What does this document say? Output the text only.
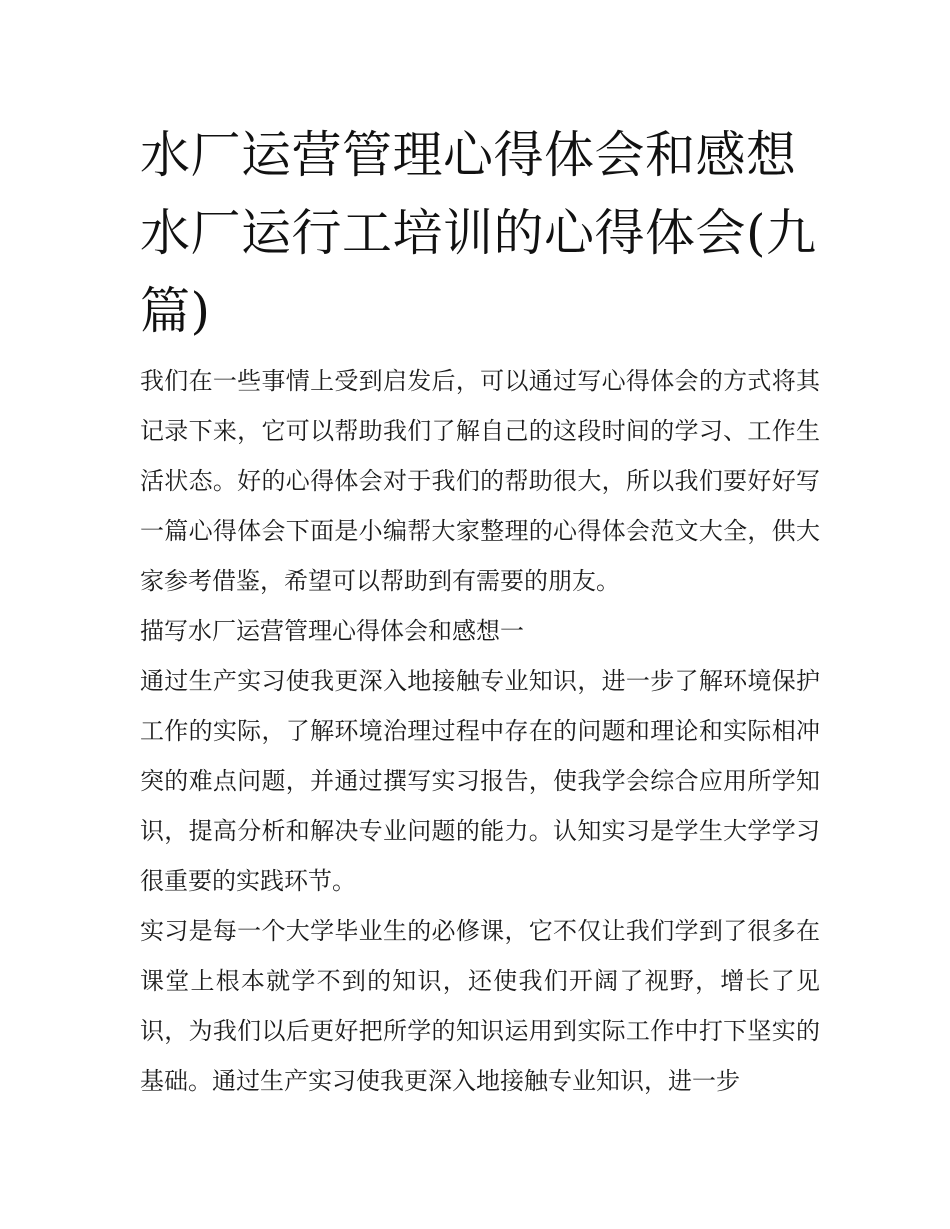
水厂运营管理心得体会和感想水厂运行工培训的心得体会(九篇)

我们在一些事情上受到启发后，可以通过写心得体会的方式将其记录下来，它可以帮助我们了解自己的这段时间的学习、工作生活状态。好的心得体会对于我们的帮助很大，所以我们要好好写一篇心得体会下面是小编帮大家整理的心得体会范文大全，供大家参考借鉴，希望可以帮助到有需要的朋友。

描写水厂运营管理心得体会和感想一

通过生产实习使我更深入地接触专业知识，进一步了解环境保护工作的实际，了解环境治理过程中存在的问题和理论和实际相冲突的难点问题，并通过撰写实习报告，使我学会综合应用所学知识，提高分析和解决专业问题的能力。认知实习是学生大学学习很重要的实践环节。

实习是每一个大学毕业生的必修课，它不仅让我们学到了很多在课堂上根本就学不到的知识，还使我们开阔了视野，增长了见识，为我们以后更好把所学的知识运用到实际工作中打下坚实的基础。通过生产实习使我更深入地接触专业知识，进一步
